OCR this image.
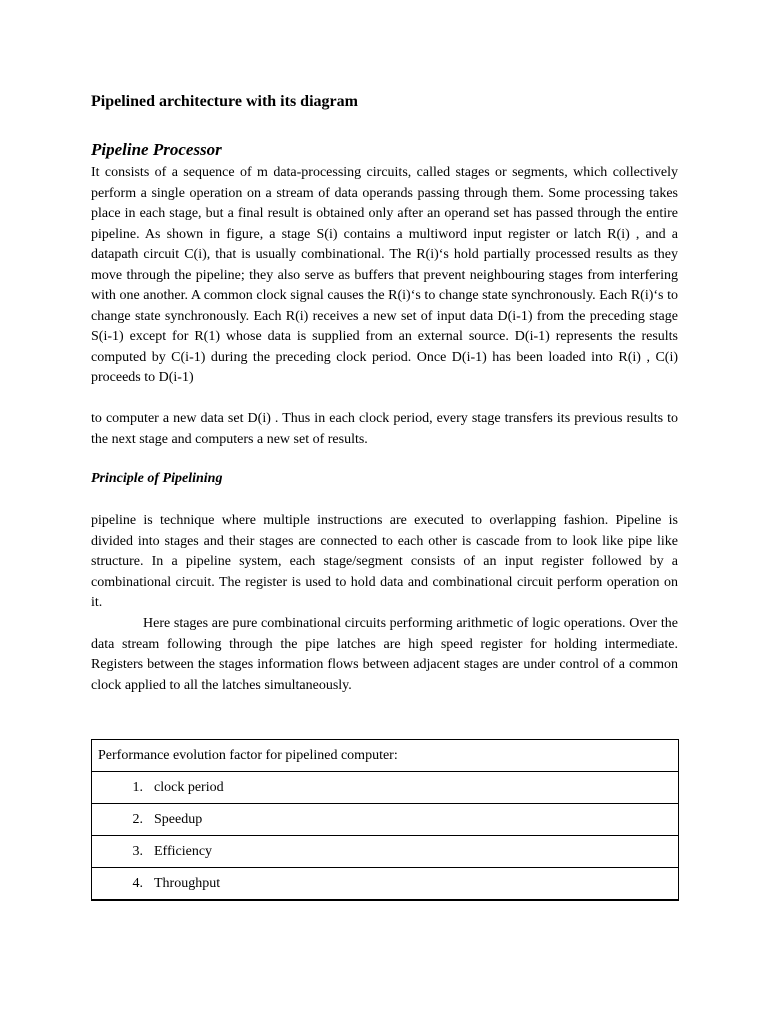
Pipelined architecture with its diagram
Pipeline Processor

It consists of a sequence of m data-processing circuits, called stages or segments, which collectively perform a single operation on a stream of data operands passing through them. Some processing takes place in each stage, but a final result is obtained only after an operand set has passed through the entire pipeline. As shown in figure, a stage S(i) contains a multiword input register or latch R(i) , and a datapath circuit C(i), that is usually combinational. The R(i)‘s hold partially processed results as they move through the pipeline; they also serve as buffers that prevent neighbouring stages from interfering with one another. A common clock signal causes the R(i)‘s to change state synchronously. Each R(i)‘s to change state synchronously. Each R(i) receives a new set of input data D(i-1) from the preceding stage S(i-1) except for R(1) whose data is supplied from an external source. D(i-1) represents the results computed by C(i-1) during the preceding clock period. Once D(i-1) has been loaded into R(i) , C(i) proceeds to D(i-1)

to computer a new data set D(i) . Thus in each clock period, every stage transfers its previous results to the next stage and computers a new set of results.

Principle of Pipelining

pipeline is technique where multiple instructions are executed to overlapping fashion. Pipeline is divided into stages and their stages are connected to each other is cascade from to look like pipe like structure. In a pipeline system, each stage/segment consists of an input register followed by a combinational circuit. The register is used to hold data and combinational circuit perform operation on it.

Here stages are pure combinational circuits performing arithmetic of logic operations. Over the data stream following through the pipe latches are high speed register for holding intermediate. Registers between the stages information flows between adjacent stages are under control of a common clock applied to all the latches simultaneously.

Performance evolution factor for pipelined computer:
1. clock period
2. Speedup
3. Efficiency
4. Throughput
